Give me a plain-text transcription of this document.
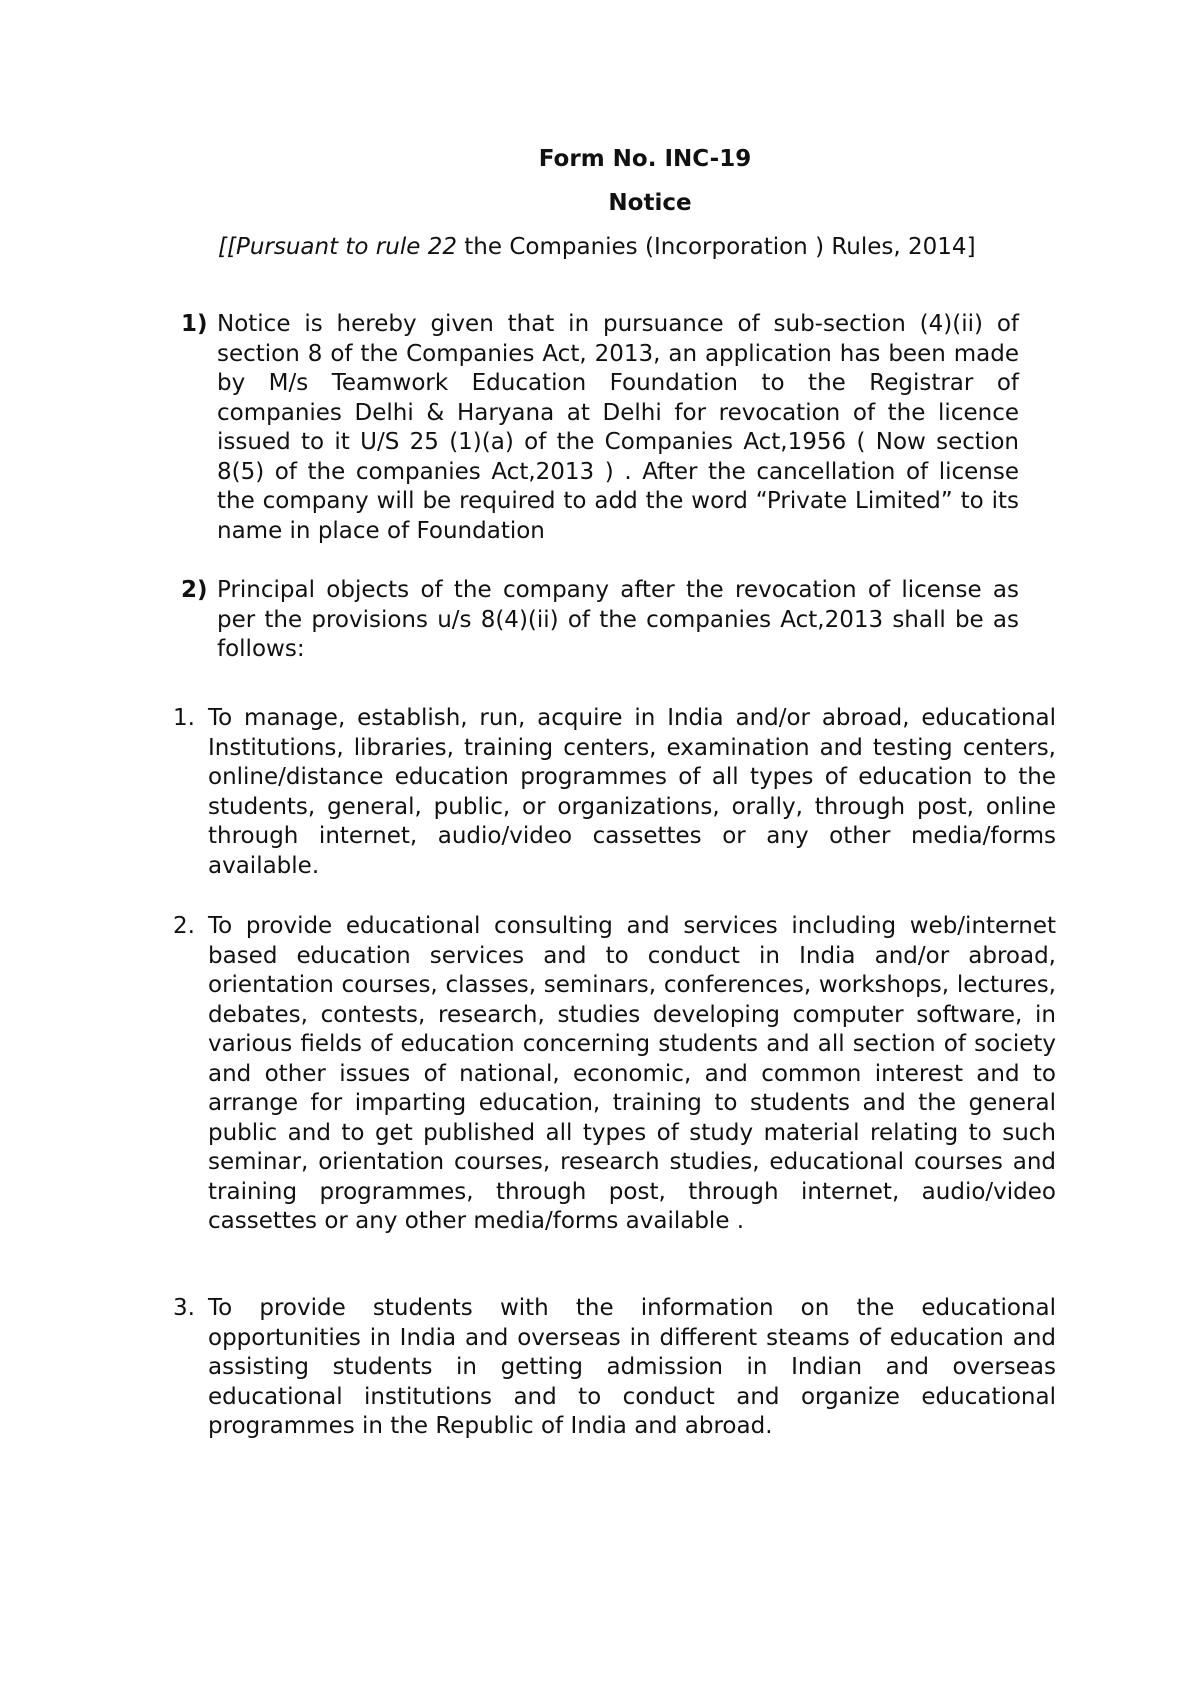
Form No. INC-19
Notice

[[Pursuant to rule 22 the Companies (Incorporation ) Rules, 2014]

1) Notice is hereby given that in pursuance of sub-section (4)(ii) of section 8 of the Companies Act, 2013, an application has been made by M/s Teamwork Education Foundation to the Registrar of companies Delhi & Haryana at Delhi for revocation of the licence issued to it U/S 25 (1)(a) of the Companies Act,1956 ( Now section 8(5) of the companies Act,2013 ) . After the cancellation of license the company will be required to add the word “Private Limited” to its name in place of Foundation

2) Principal objects of the company after the revocation of license as per the provisions u/s 8(4)(ii) of the companies Act,2013 shall be as follows:

1. To manage, establish, run, acquire in India and/or abroad, educational Institutions, libraries, training centers, examination and testing centers, online/distance education programmes of all types of education to the students, general, public, or organizations, orally, through post, online through internet, audio/video cassettes or any other media/forms available.

2. To provide educational consulting and services including web/internet based education services and to conduct in India and/or abroad, orientation courses, classes, seminars, conferences, workshops, lectures, debates, contests, research, studies developing computer software, in various fields of education concerning students and all section of society and other issues of national, economic, and common interest and to arrange for imparting education, training to students and the general public and to get published all types of study material relating to such seminar, orientation courses, research studies, educational courses and training programmes, through post, through internet, audio/video cassettes or any other media/forms available .

3. To provide students with the information on the educational opportunities in India and overseas in different steams of education and assisting students in getting admission in Indian and overseas educational institutions and to conduct and organize educational programmes in the Republic of India and abroad.
